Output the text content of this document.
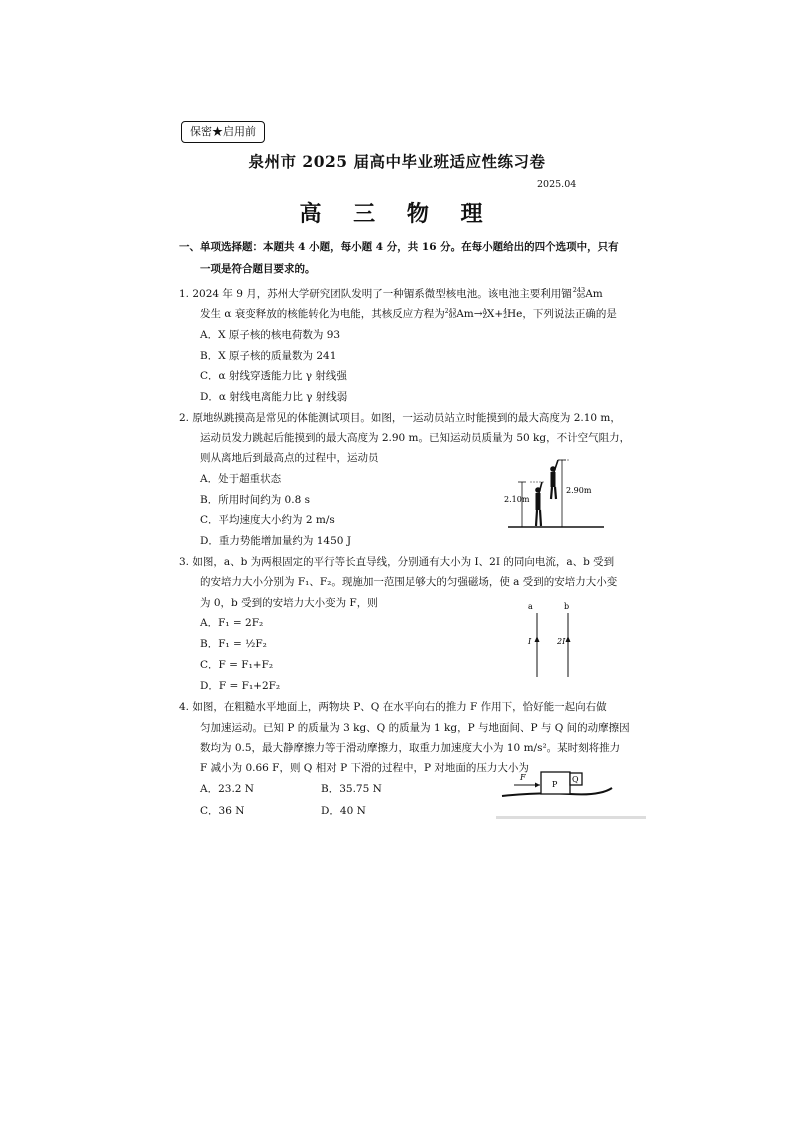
保密★启用前
泉州市 2025 届高中毕业班适应性练习卷
2025.04
高 三 物 理
一、单项选择题：本题共 4 小题，每小题 4 分，共 16 分。在每小题给出的四个选项中，只有
一项是符合题目要求的。
1. 2024 年 9 月，苏州大学研究团队发明了一种镅系微型核电池。该电池主要利用镅243
95Am
发生 α 衰变释放的核能转化为电能，其核反应方程为243
95Am→A
ZX+4
2He，下列说法正确的是
A．X 原子核的核电荷数为 93
B．X 原子核的质量数为 241
C．α 射线穿透能力比 γ 射线强
D．α 射线电离能力比 γ 射线弱
2. 原地纵跳摸高是常见的体能测试项目。如图，一运动员站立时能摸到的最大高度为 2.10 m，
运动员发力跳起后能摸到的最大高度为 2.90 m。已知运动员质量为 50 kg，不计空气阻力，
则从离地后到最高点的过程中，运动员
A．处于超重状态
B．所用时间约为 0.8 s
C．平均速度大小约为 2 m/s
D．重力势能增加量约为 1450 J
2.10m
2.90m
3. 如图，a、b 为两根固定的平行等长直导线，分别通有大小为 I、2I 的同向电流，a、b 受到
的安培力大小分别为 F₁、F₂。现施加一范围足够大的匀强磁场，使 a 受到的安培力大小变
为 0，b 受到的安培力大小变为 F，则
A．F₁ = 2F₂
B．F₁ = ½F₂
C．F = F₁+F₂
D．F = F₁+2F₂
a	b
I	2I
4. 如图，在粗糙水平地面上，两物块 P、Q 在水平向右的推力 F 作用下，恰好能一起向右做
匀加速运动。已知 P 的质量为 3 kg、Q 的质量为 1 kg，P 与地面间、P 与 Q 间的动摩擦因
数均为 0.5，最大静摩擦力等于滑动摩擦力，取重力加速度大小为 10 m/s²。某时刻将推力
F 减小为 0.66 F，则 Q 相对 P 下滑的过程中，P 对地面的压力大小为
A．23.2 N	B．35.75 N
C．36 N	D．40 N
F
P
Q
